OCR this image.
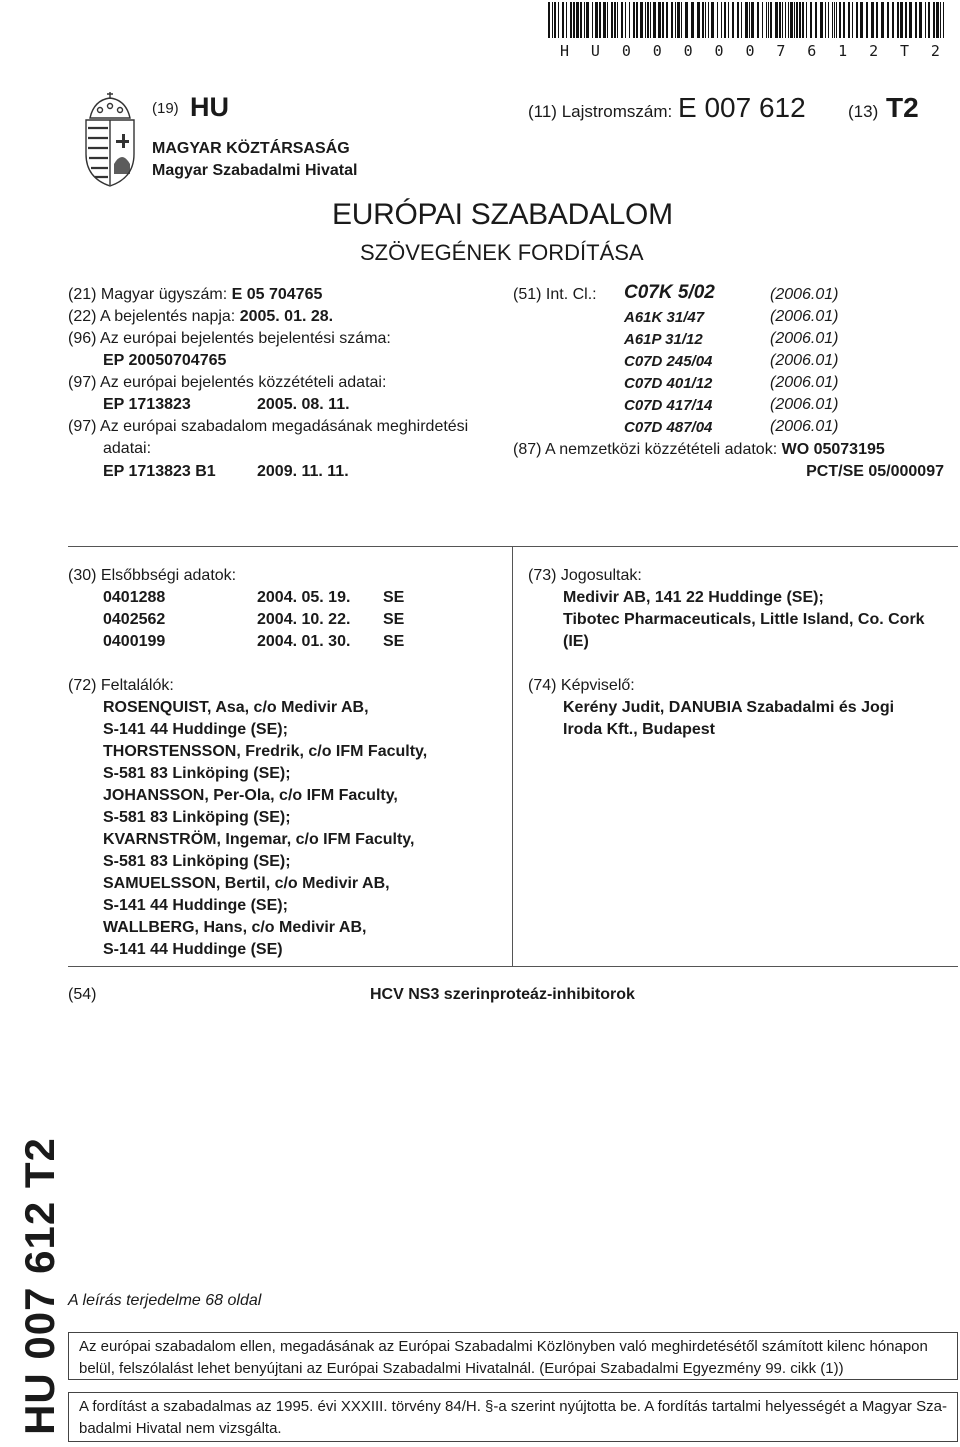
H U 0 0 0 0 0 7 6 1 2 T 2
(19) HU
MAGYAR KÖZTÁRSASÁG
Magyar Szabadalmi Hivatal
(11) Lajstromszám: E 007 612 (13) T2
EURÓPAI SZABADALOM
SZÖVEGÉNEK FORDÍTÁSA
(21) Magyar ügyszám: E 05 704765
(22) A bejelentés napja: 2005. 01. 28.
(96) Az európai bejelentés bejelentési száma:
EP 20050704765
(97) Az európai bejelentés közzétételi adatai:
EP 1713823	2005. 08. 11.
(97) Az európai szabadalom megadásának meghirdetési
adatai:
EP 1713823 B1	2009. 11. 11.
(51) Int. Cl.: C07K 5/02	(2006.01)
A61K 31/47	(2006.01)
A61P 31/12	(2006.01)
C07D 245/04	(2006.01)
C07D 401/12	(2006.01)
C07D 417/14	(2006.01)
C07D 487/04	(2006.01)
(87) A nemzetközi közzétételi adatok: WO 05073195
PCT/SE 05/000097
(30) Elsőbbségi adatok:
0401288	2004. 05. 19. SE
0402562	2004. 10. 22. SE
0400199	2004. 01. 30. SE
(73) Jogosultak:
Medivir AB, 141 22 Huddinge (SE);
Tibotec Pharmaceuticals, Little Island, Co. Cork
(IE)
(72) Feltalálók:
ROSENQUIST, Asa, c/o Medivir AB,
S-141 44 Huddinge (SE);
THORSTENSSON, Fredrik, c/o IFM Faculty,
S-581 83 Linköping (SE);
JOHANSSON, Per-Ola, c/o IFM Faculty,
S-581 83 Linköping (SE);
KVARNSTRÖM, Ingemar, c/o IFM Faculty,
S-581 83 Linköping (SE);
SAMUELSSON, Bertil, c/o Medivir AB,
S-141 44 Huddinge (SE);
WALLBERG, Hans, c/o Medivir AB,
S-141 44 Huddinge (SE)
(74) Képviselő:
Kerény Judit, DANUBIA Szabadalmi és Jogi
Iroda Kft., Budapest
(54)	HCV NS3 szerinproteáz-inhibitorok
HU 007 612 T2 A leírás terjedelme 68 oldal

Az európai szabadalom ellen, megadásának az Európai Szabadalmi Közlönyben való meghirdetésétől számított kilenc hónapon

belül, felszólalást lehet benyújtani az Európai Szabadalmi Hivatalnál. (Európai Szabadalmi Egyezmény 99. cikk (1))

A fordítást a szabadalmas az 1995. évi XXXIII. törvény 84/H. §-a szerint nyújtotta be. A fordítás tartalmi helyességét a Magyar Sza-

badalmi Hivatal nem vizsgálta.
